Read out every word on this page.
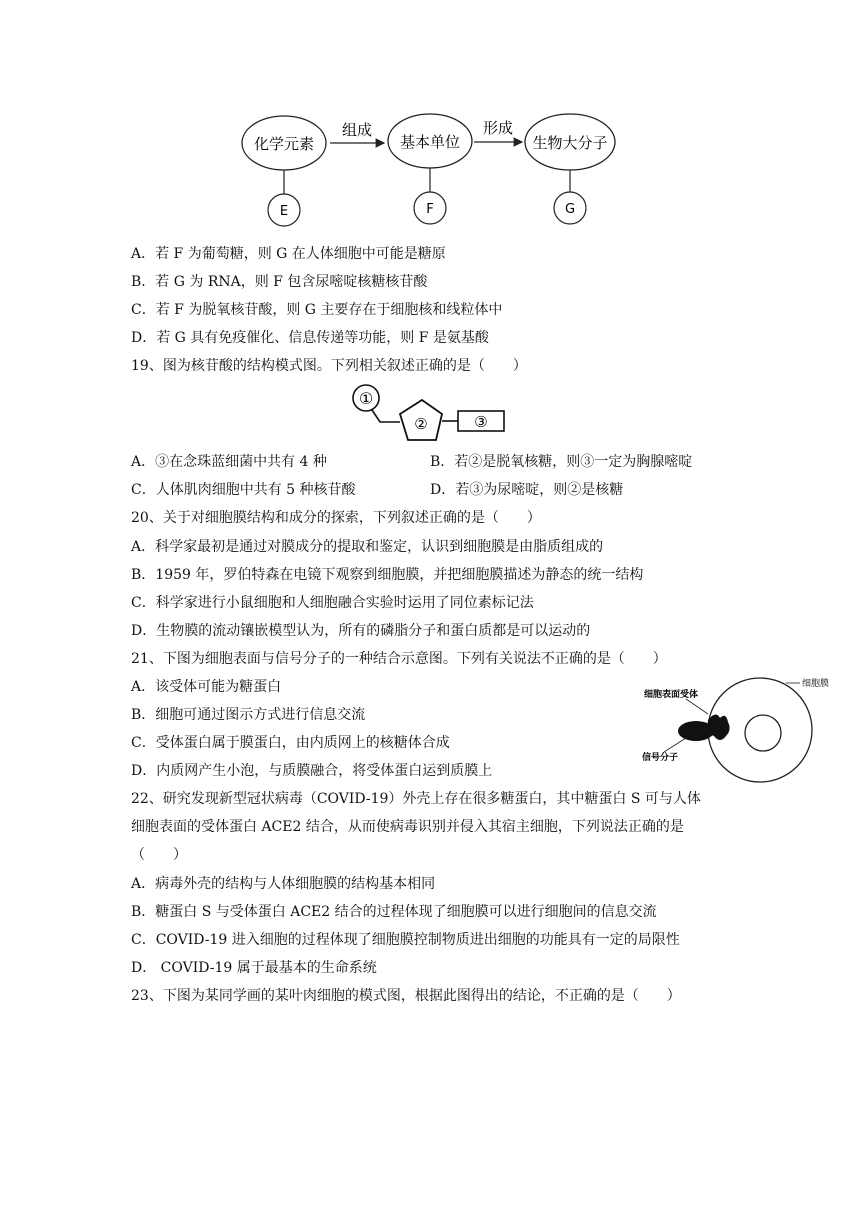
化学元素	基本单位	生物大分子
组成	形成
E	F	G
A．若 F 为葡萄糖，则 G 在人体细胞中可能是糖原
B．若 G 为 RNA，则 F 包含尿嘧啶核糖核苷酸
C．若 F 为脱氧核苷酸，则 G 主要存在于细胞核和线粒体中
D．若 G 具有免疫催化、信息传递等功能，则 F 是氨基酸
19、图为核苷酸的结构模式图。下列相关叙述正确的是（　　）
①
②	③
A．③在念珠蓝细菌中共有 4 种	B．若②是脱氧核糖，则③一定为胸腺嘧啶
C．人体肌肉细胞中共有 5 种核苷酸	D．若③为尿嘧啶，则②是核糖
20、关于对细胞膜结构和成分的探索，下列叙述正确的是（　　）
A．科学家最初是通过对膜成分的提取和鉴定，认识到细胞膜是由脂质组成的
B．1959 年，罗伯特森在电镜下观察到细胞膜，并把细胞膜描述为静态的统一结构
C．科学家进行小鼠细胞和人细胞融合实验时运用了同位素标记法
D．生物膜的流动镶嵌模型认为，所有的磷脂分子和蛋白质都是可以运动的
21、下图为细胞表面与信号分子的一种结合示意图。下列有关说法不正确的是（　　）
A．该受体可能为糖蛋白
B．细胞可通过图示方式进行信息交流
C．受体蛋白属于膜蛋白，由内质网上的核糖体合成
D．内质网产生小泡，与质膜融合，将受体蛋白运到质膜上
细胞膜
细胞表面受体
信号分子
22、研究发现新型冠状病毒（COVID-19）外壳上存在很多糖蛋白，其中糖蛋白 S 可与人体
细胞表面的受体蛋白 ACE2 结合，从而使病毒识别并侵入其宿主细胞，下列说法正确的是
（　　）
A．病毒外壳的结构与人体细胞膜的结构基本相同
B．糖蛋白 S 与受体蛋白 ACE2 结合的过程体现了细胞膜可以进行细胞间的信息交流
C．COVID-19 进入细胞的过程体现了细胞膜控制物质进出细胞的功能具有一定的局限性
D． COVID-19 属于最基本的生命系统
23、下图为某同学画的某叶肉细胞的模式图，根据此图得出的结论，不正确的是（　　）
